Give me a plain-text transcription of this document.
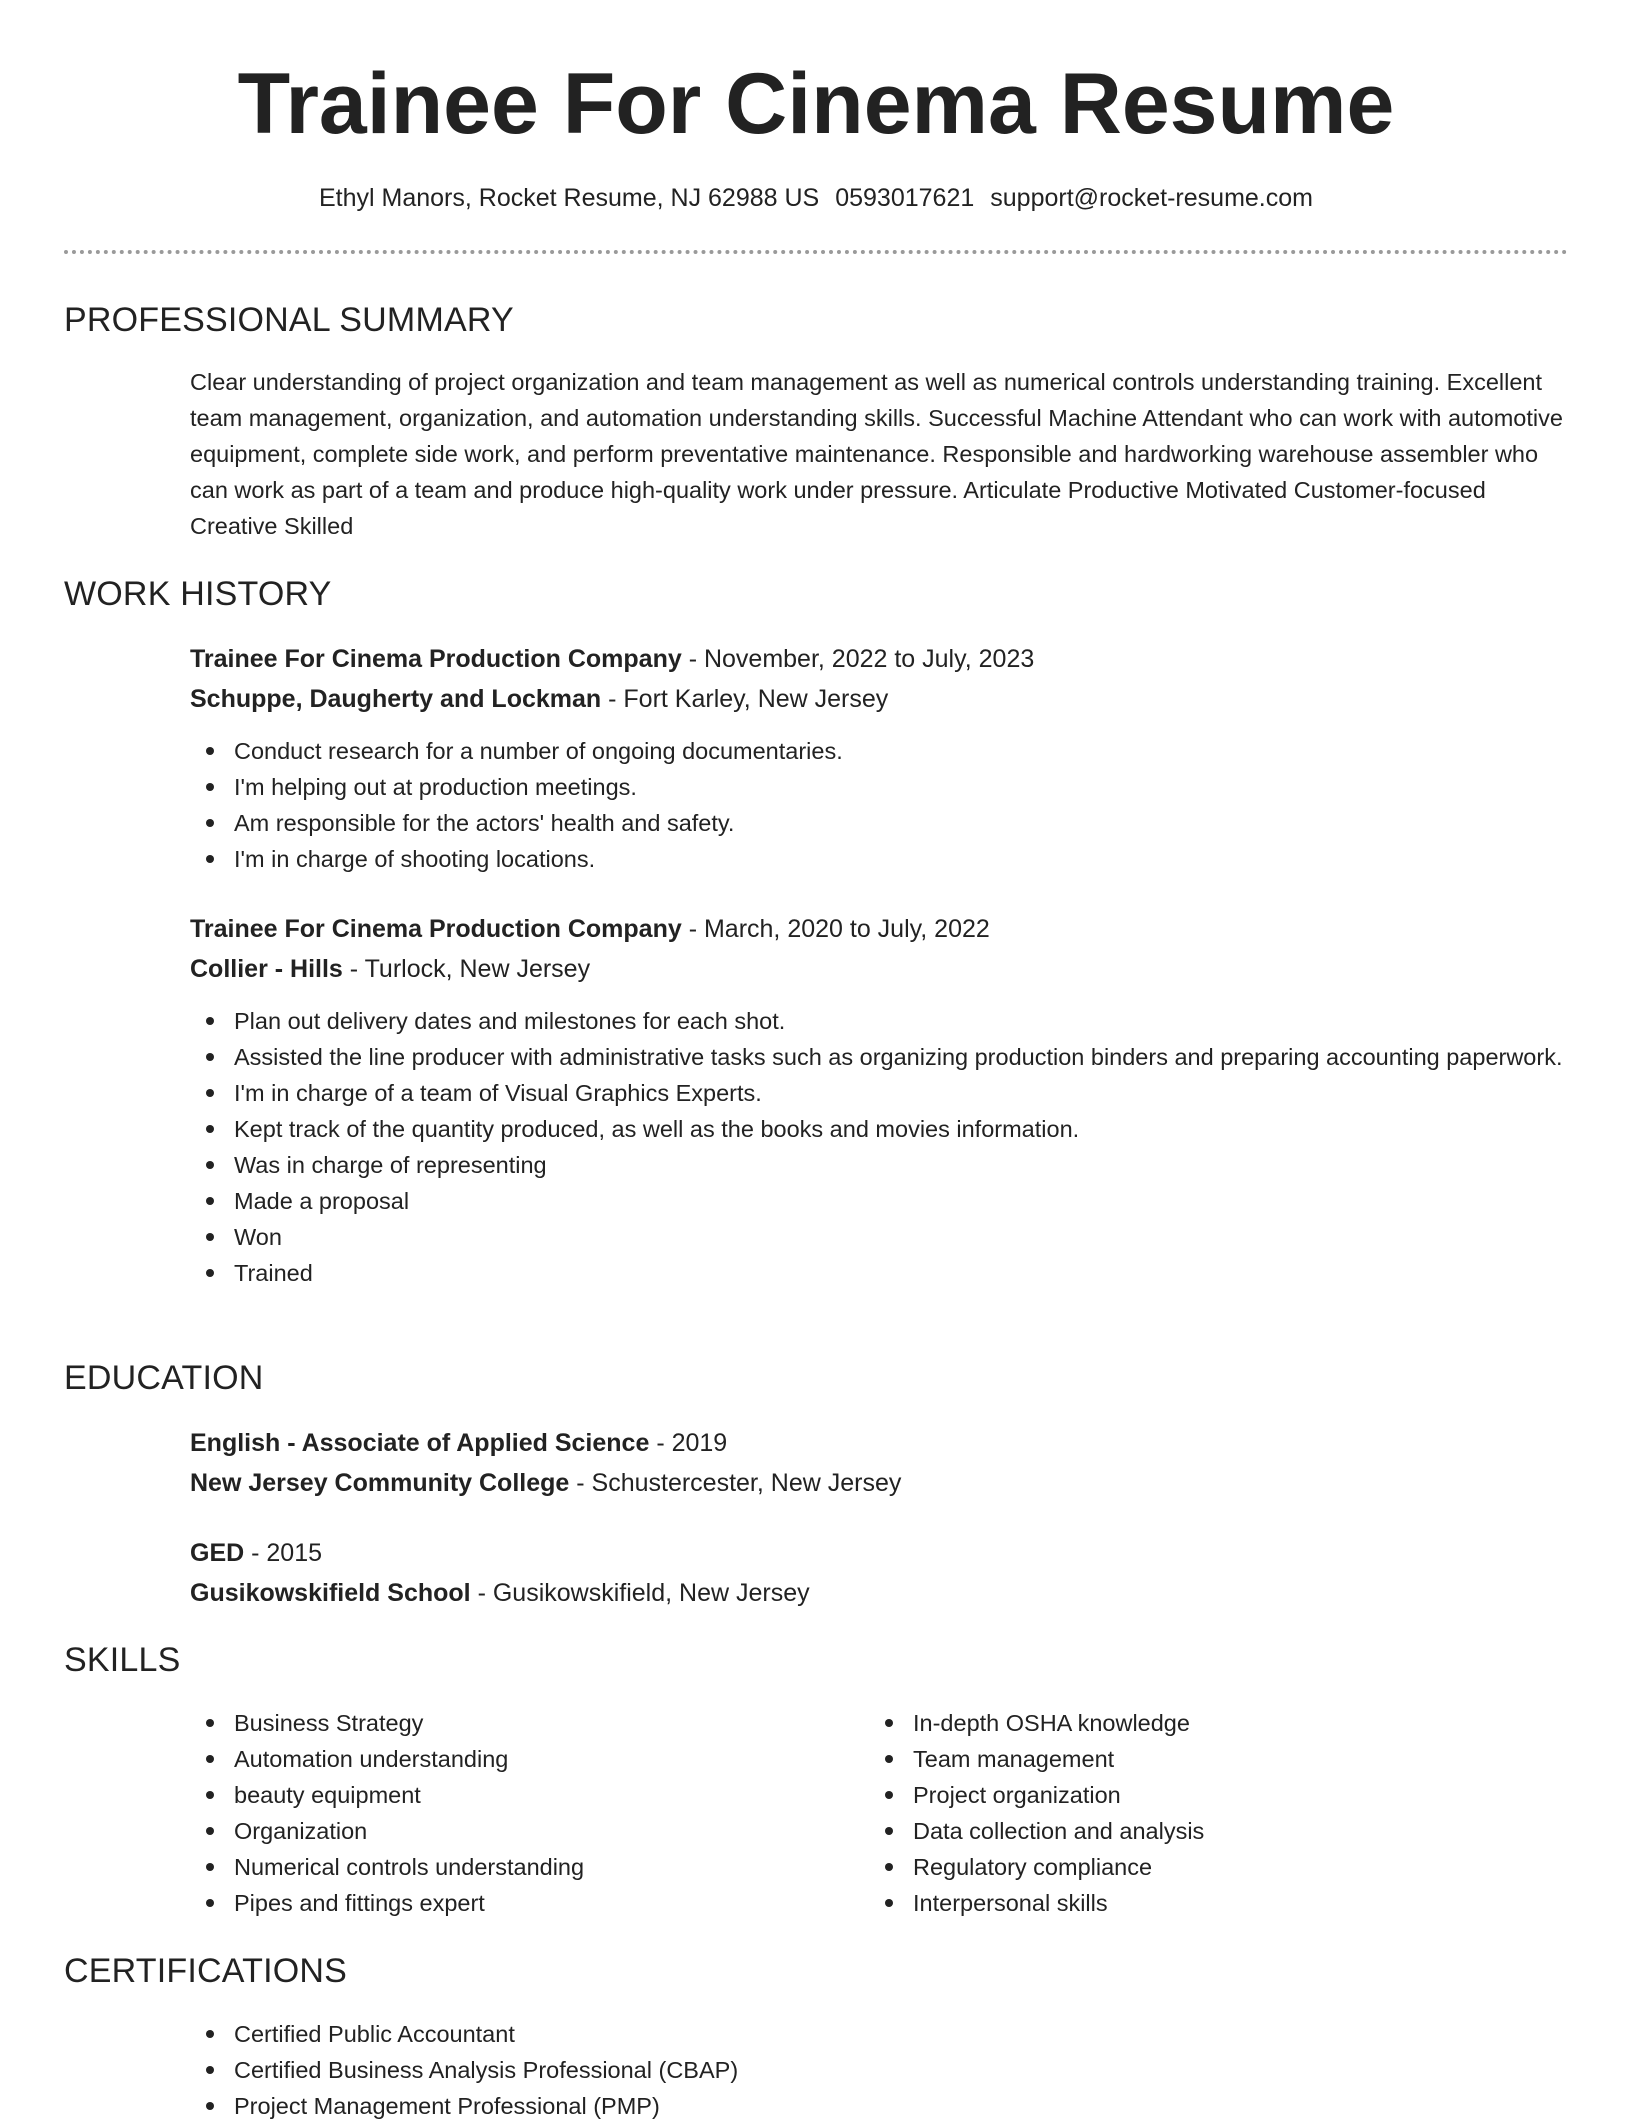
Trainee For Cinema Resume
Ethyl Manors, Rocket Resume, NJ 62988 US 0593017621 support@rocket-resume.com
PROFESSIONAL SUMMARY

Clear understanding of project organization and team management as well as numerical controls understanding training. Excellent team management, organization, and automation understanding skills. Successful Machine Attendant who can work with automotive equipment, complete side work, and perform preventative maintenance. Responsible and hardworking warehouse assembler who can work as part of a team and produce high-quality work under pressure. Articulate Productive Motivated Customer-focused Creative Skilled

WORK HISTORY
Trainee For Cinema Production Company - November, 2022 to July, 2023
Schuppe, Daugherty and Lockman - Fort Karley, New Jersey
Conduct research for a number of ongoing documentaries.
I'm helping out at production meetings.
Am responsible for the actors' health and safety.
I'm in charge of shooting locations.
Trainee For Cinema Production Company - March, 2020 to July, 2022
Collier - Hills - Turlock, New Jersey
Plan out delivery dates and milestones for each shot.
Assisted the line producer with administrative tasks such as organizing production binders and preparing accounting paperwork.
I'm in charge of a team of Visual Graphics Experts.
Kept track of the quantity produced, as well as the books and movies information.
Was in charge of representing
Made a proposal
Won
Trained
EDUCATION
English - Associate of Applied Science - 2019
New Jersey Community College - Schustercester, New Jersey
GED - 2015
Gusikowskifield School - Gusikowskifield, New Jersey
SKILLS
Business Strategy
Automation understanding
beauty equipment
Organization
Numerical controls understanding
Pipes and fittings expert
In-depth OSHA knowledge
Team management
Project organization
Data collection and analysis
Regulatory compliance
Interpersonal skills
CERTIFICATIONS
Certified Public Accountant
Certified Business Analysis Professional (CBAP)
Project Management Professional (PMP)
